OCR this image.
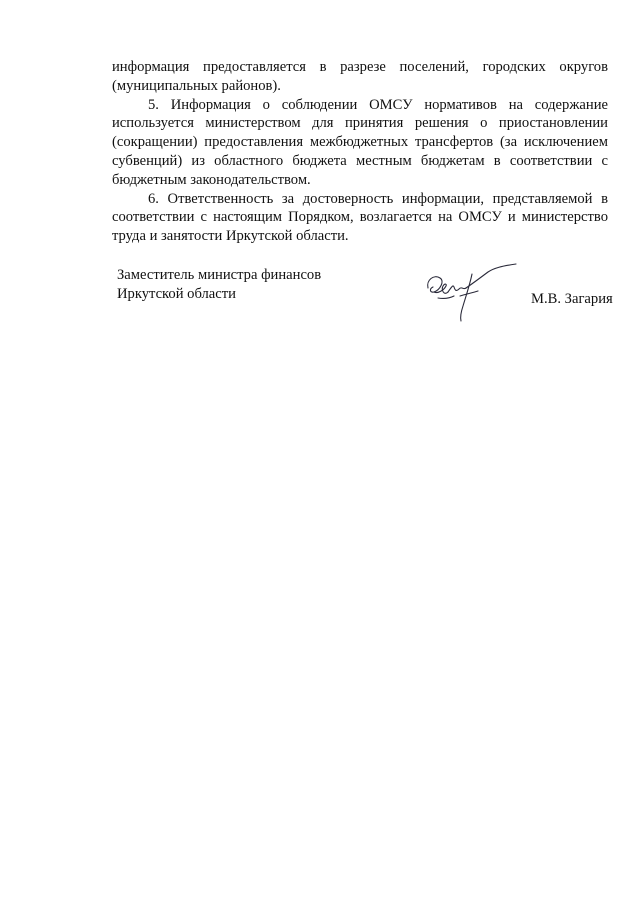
информация предоставляется в разрезе поселений, городских округов (муниципальных районов).

5. Информация о соблюдении ОМСУ нормативов на содержание используется министерством для принятия решения о приостановлении (сокращении) предоставления межбюджетных трансфертов (за исключением субвенций) из областного бюджета местным бюджетам в соответствии с бюджетным законодательством.

6. Ответственность за достоверность информации, представляемой в соответствии с настоящим Порядком, возлагается на ОМСУ и министерство труда и занятости Иркутской области.

Заместитель министра финансов
Иркутской области	М.В. Загария
